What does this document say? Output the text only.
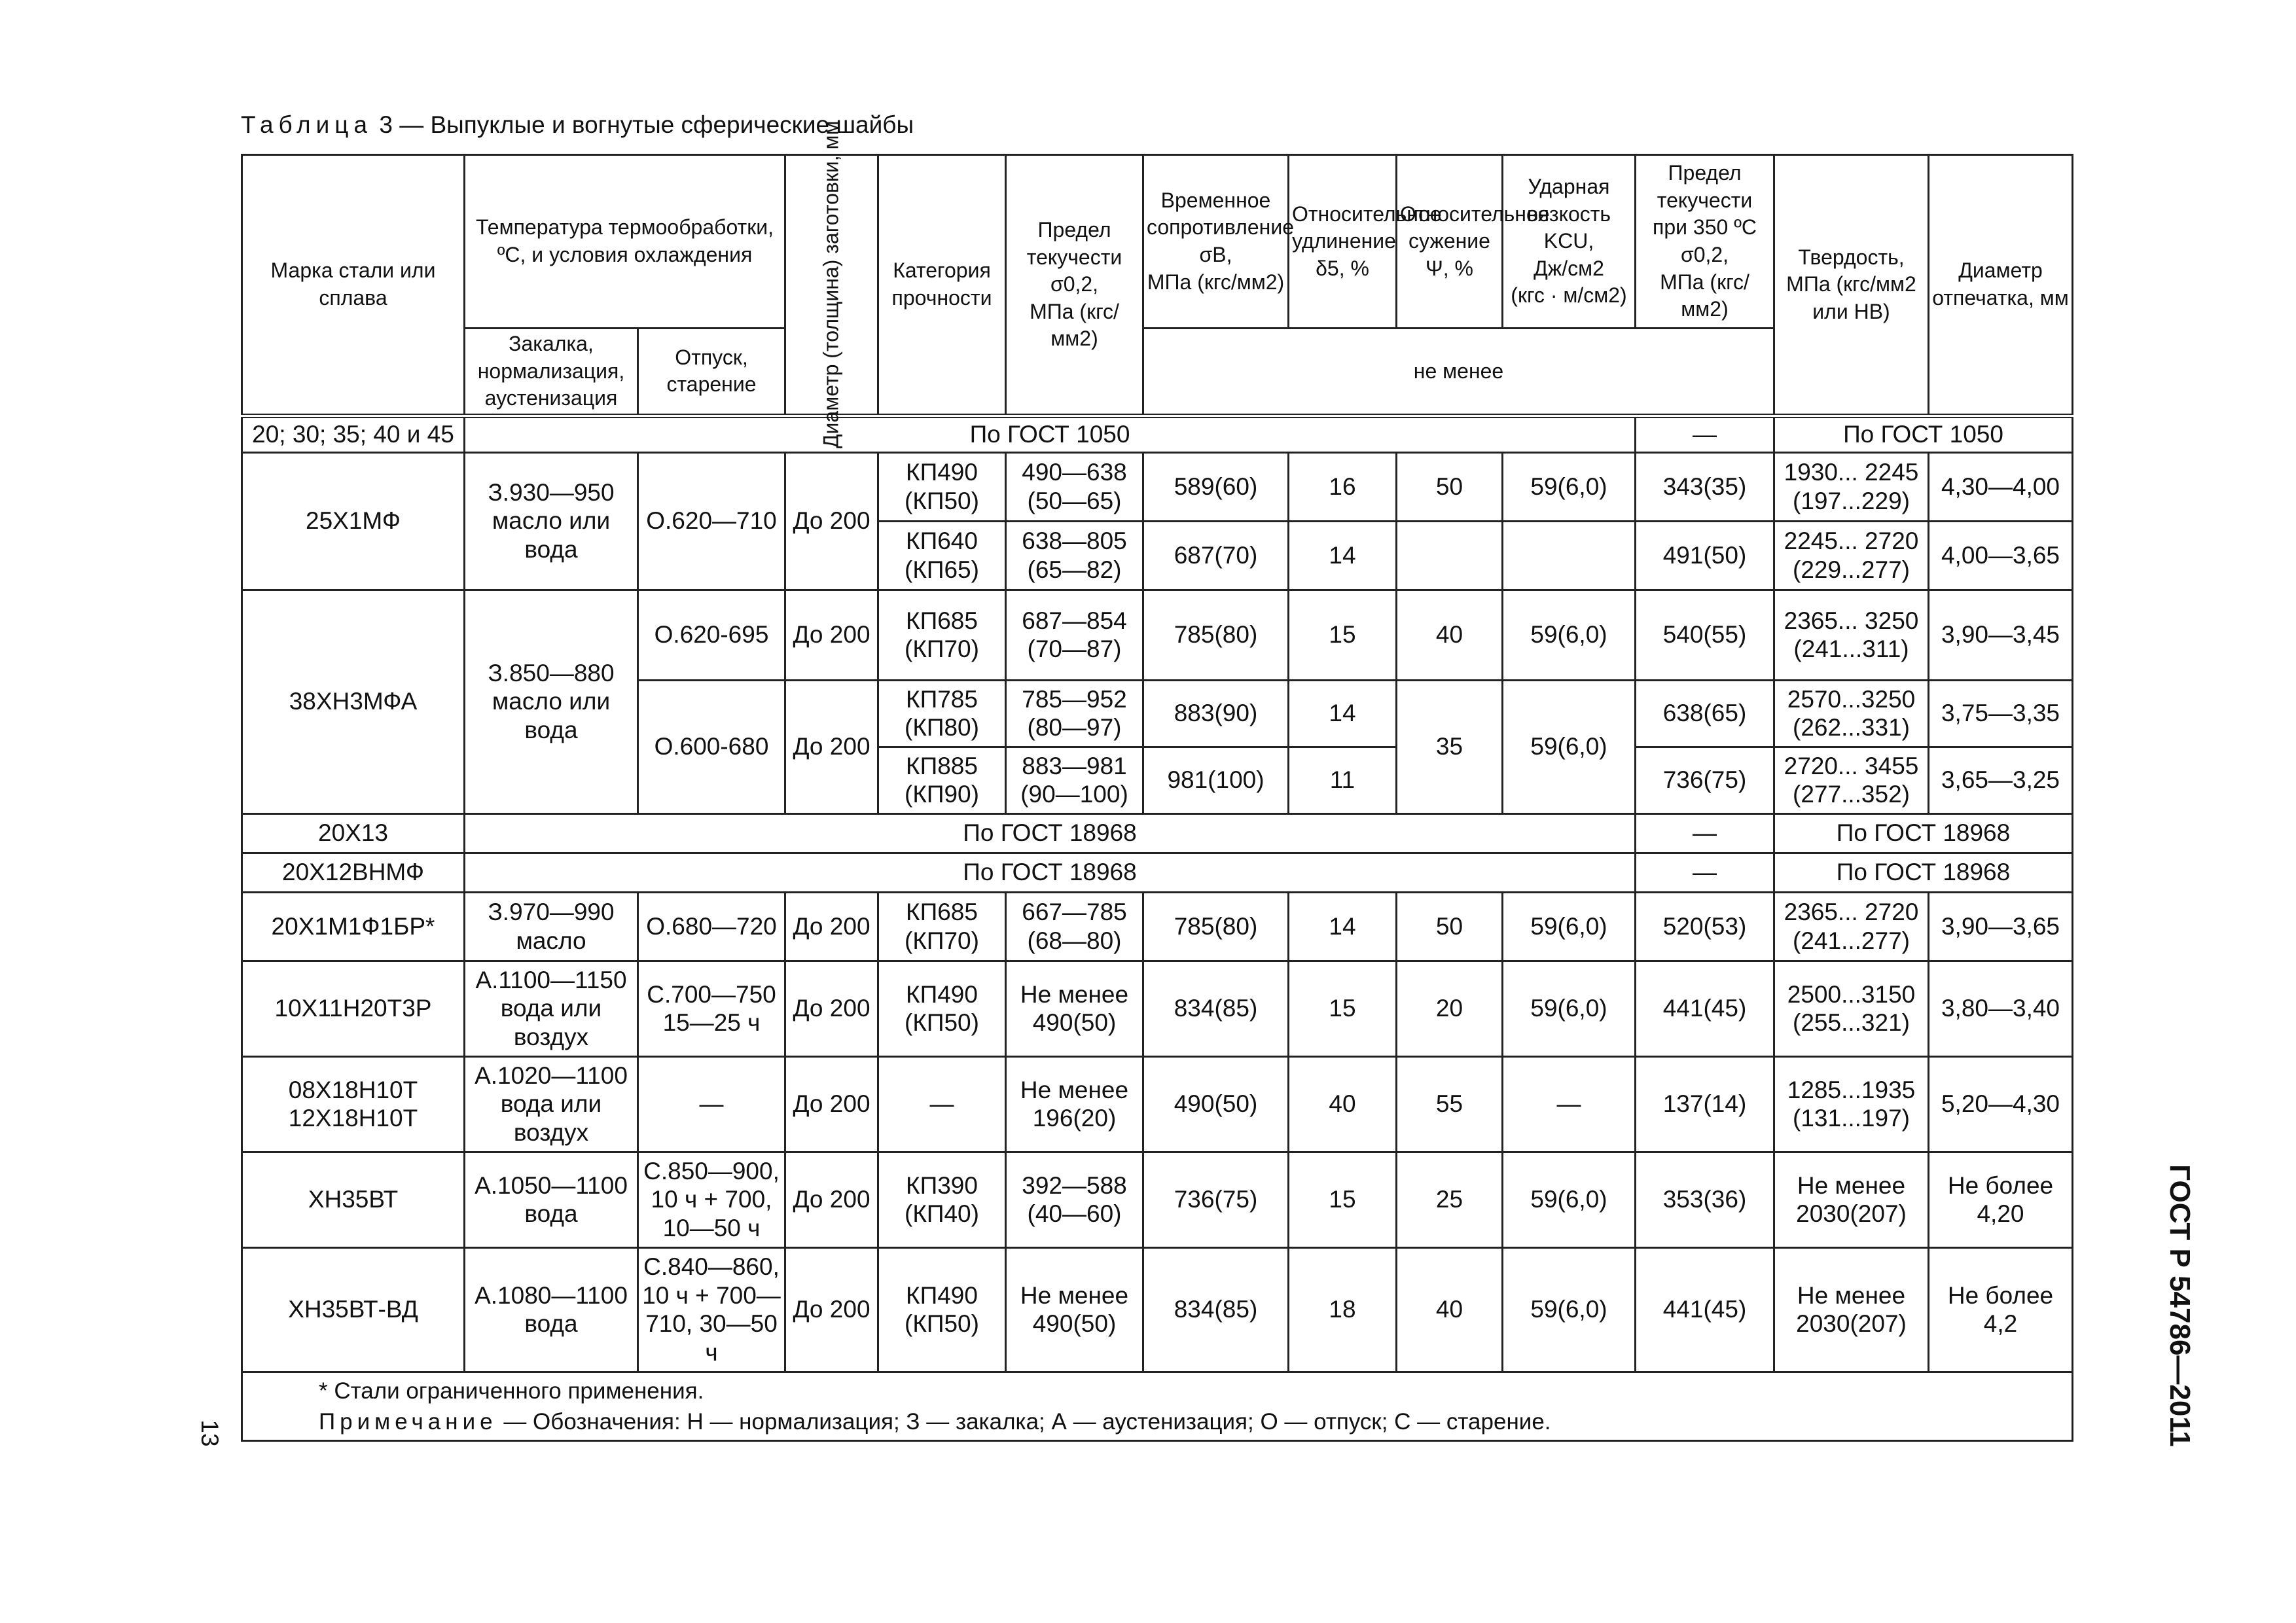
Таблица 3 — Выпуклые и вогнутые сферические шайбы
Марка стали или сплава	Температура термообработки, ºС, и условия охлаждения		Диаметр (толщина) заготовки, мм	Категория прочности	Предел текучести
σ0,2,
МПа (кгс/мм2)	Временное сопротивление σB,
МПа (кгс/мм2)	Относительное удлинение
δ5, %	Относительное сужение
Ψ, %	Ударная вязкость KCU,
Дж/см2
(кгс · м/см2)	Предел текучести при 350 ºС
σ0,2,
МПа (кгс/мм2)	Твердость, МПа (кгс/мм2 или НВ)	Диаметр отпечатка, мм
	Закалка, нормализация, аустенизация	Отпуск, старение				не менее						
20; 30; 35; 40 и 45	По ГОСТ 1050									—	По ГОСТ 1050	
25Х1МФ	З.930—950 масло или вода	О.620—710	До 200	КП490 (КП50)	490—638 (50—65)	589(60)	16	50	59(6,0)	343(35)	1930... 2245 (197...229)	4,30—4,00
				КП640 (КП65)	638—805 (65—82)	687(70)	14			491(50)	2245... 2720 (229...277)	4,00—3,65
38ХН3МФА	З.850—880 масло или вода	О.620-695	До 200	КП685 (КП70)	687—854 (70—87)	785(80)	15	40	59(6,0)	540(55)	2365... 3250 (241...311)	3,90—3,45
		О.600-680	До 200	КП785 (КП80)	785—952 (80—97)	883(90)	14	35	59(6,0)	638(65)	2570...3250 (262...331)	3,75—3,35
				КП885 (КП90)	883—981 (90—100)	981(100)	11			736(75)	2720... 3455 (277...352)	3,65—3,25
20Х13	По ГОСТ 18968									—	По ГОСТ 18968	
20Х12ВНМФ	По ГОСТ 18968									—	По ГОСТ 18968	
20Х1М1Ф1БР*	З.970—990 масло	О.680—720	До 200	КП685 (КП70)	667—785 (68—80)	785(80)	14	50	59(6,0)	520(53)	2365... 2720 (241...277)	3,90—3,65
10Х11Н20Т3Р	А.1100—1150 вода или воздух	С.700—750 15—25 ч	До 200	КП490 (КП50)	Не менее 490(50)	834(85)	15	20	59(6,0)	441(45)	2500...3150 (255...321)	3,80—3,40
08Х18Н10Т
12Х18Н10Т	А.1020—1100 вода или воздух	—	До 200	—	Не менее 196(20)	490(50)	40	55	—	137(14)	1285...1935 (131...197)	5,20—4,30
ХН35ВТ	А.1050—1100 вода	С.850—900, 10 ч + 700, 10—50 ч	До 200	КП390 (КП40)	392—588 (40—60)	736(75)	15	25	59(6,0)	353(36)	Не менее 2030(207)	Не более 4,20
ХН35ВТ-ВД	А.1080—1100 вода	С.840—860, 10 ч + 700—710, 30—50 ч	До 200	КП490 (КП50)	Не менее 490(50)	834(85)	18	40	59(6,0)	441(45)	Не менее 2030(207)	Не более 4,2

* Стали ограниченного применения.
Примечание — Обозначения: Н — нормализация; З — закалка; А — аустенизация; О — отпуск; С — старение.													ГОСТ Р 54786—2011
13
